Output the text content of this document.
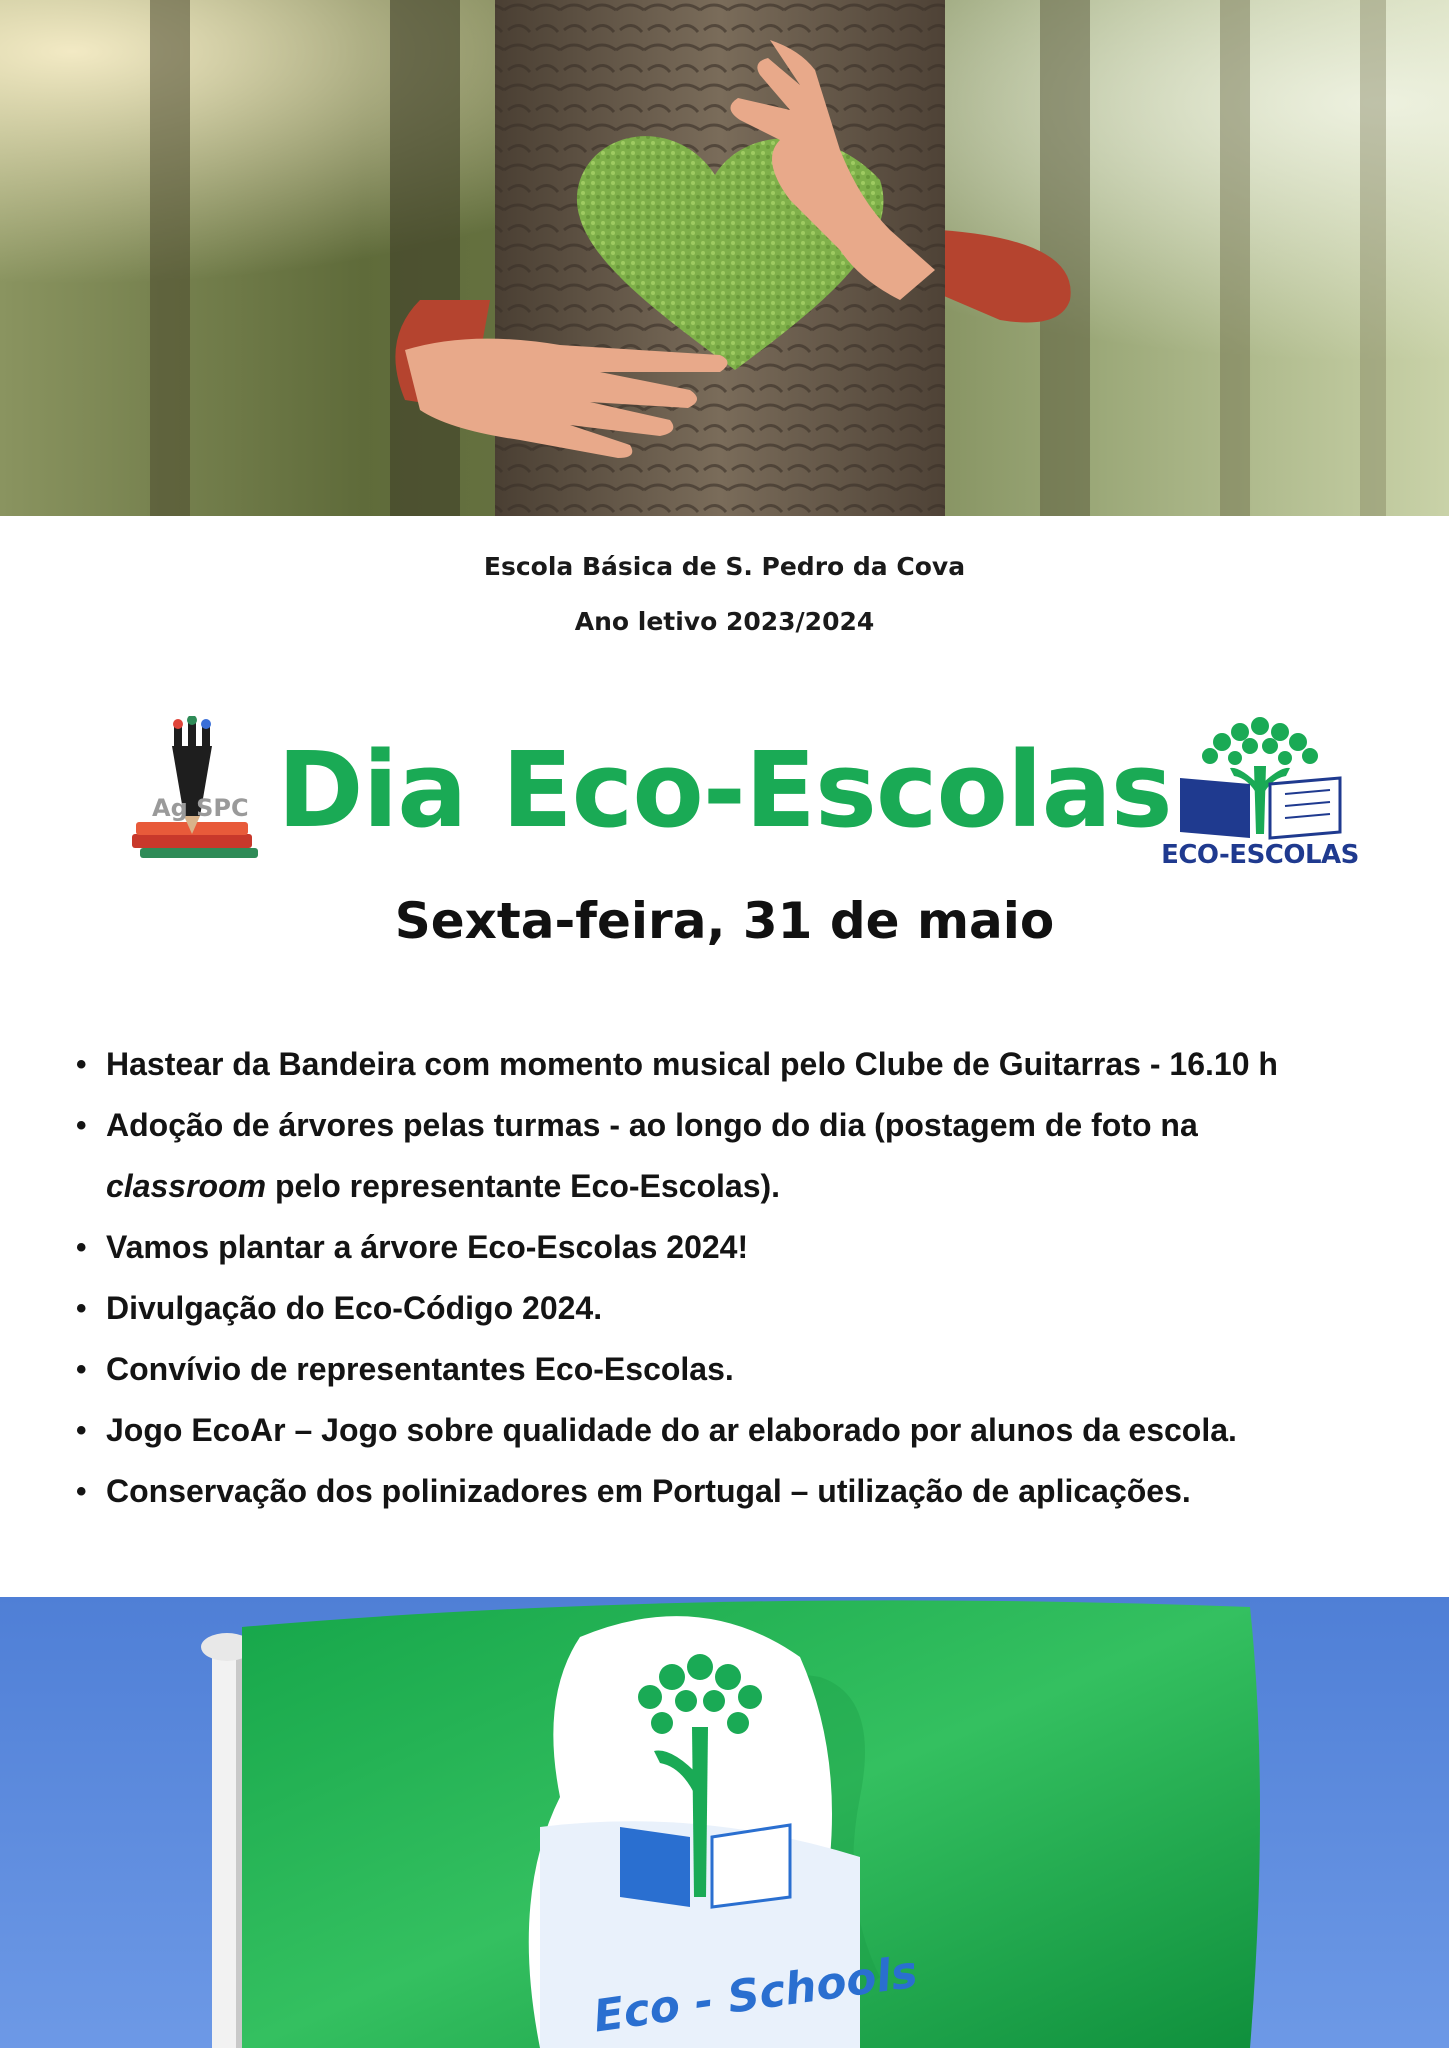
Escola Básica de S. Pedro da Cova
Ano letivo 2023/2024
Ag SPC Dia Eco-Escolas
ECO-ESCOLAS
Sexta-feira, 31 de maio
• Hastear da Bandeira com momento musical pelo Clube de Guitarras - 16.10 h
• Adoção de árvores pelas turmas - ao longo do dia (postagem de foto na
classroom pelo representante Eco-Escolas).
• Vamos plantar a árvore Eco-Escolas 2024!
• Divulgação do Eco-Código 2024.
• Convívio de representantes Eco-Escolas.
• Jogo EcoAr – Jogo sobre qualidade do ar elaborado por alunos da escola.
• Conservação dos polinizadores em Portugal – utilização de aplicações.
Eco - Schools
